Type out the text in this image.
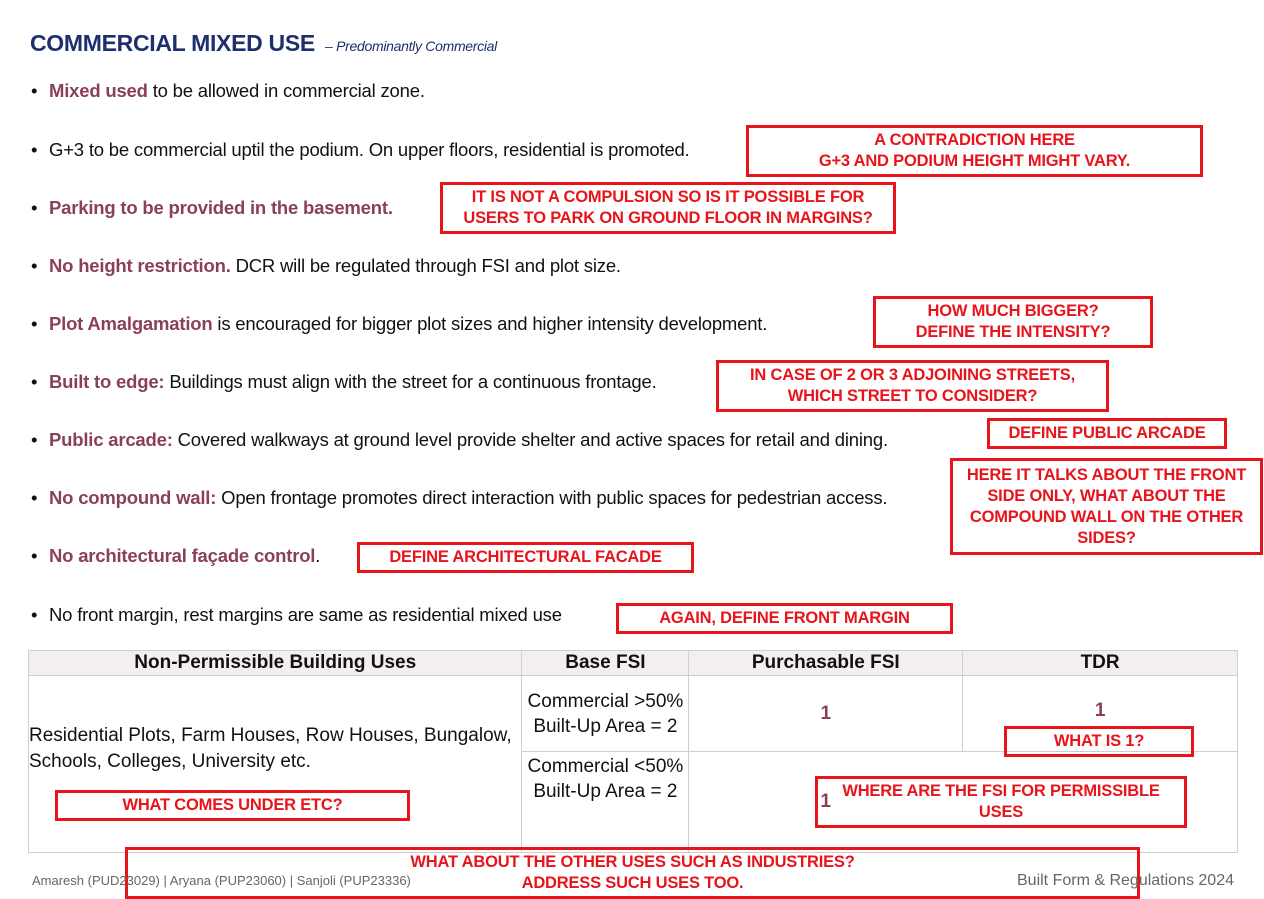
COMMERCIAL MIXED USE – Predominantly Commercial
• Mixed used to be allowed in commercial zone.
• G+3 to be commercial uptil the podium. On upper floors, residential is promoted.
• Parking to be provided in the basement.
• No height restriction. DCR will be regulated through FSI and plot size.
• Plot Amalgamation is encouraged for bigger plot sizes and higher intensity development.
• Built to edge: Buildings must align with the street for a continuous frontage.
• Public arcade: Covered walkways at ground level provide shelter and active spaces for retail and dining.
• No compound wall: Open frontage promotes direct interaction with public spaces for pedestrian access.
• No architectural façade control.
• No front margin, rest margins are same as residential mixed use
Non-Permissible Building Uses	Base FSI	Purchasable FSI	TDR
Residential Plots, Farm Houses, Row Houses, Bungalow, Schools, Colleges, University etc.	Commercial >50% Built-Up Area = 2	1	1
	Commercial <50% Built-Up Area = 2	1	
A CONTRADICTION HERE
G+3 AND PODIUM HEIGHT MIGHT VARY.
IT IS NOT A COMPULSION SO IS IT POSSIBLE FOR
USERS TO PARK ON GROUND FLOOR IN MARGINS?
HOW MUCH BIGGER?
DEFINE THE INTENSITY?
IN CASE OF 2 OR 3 ADJOINING STREETS,
WHICH STREET TO CONSIDER?
DEFINE PUBLIC ARCADE
HERE IT TALKS ABOUT THE FRONT
SIDE ONLY, WHAT ABOUT THE
COMPOUND WALL ON THE OTHER
SIDES?
DEFINE ARCHITECTURAL FACADE
AGAIN, DEFINE FRONT MARGIN
WHAT IS 1?
WHAT COMES UNDER ETC?
WHERE ARE THE FSI FOR PERMISSIBLE
USES
WHAT ABOUT THE OTHER USES SUCH AS INDUSTRIES?
ADDRESS SUCH USES TOO.
Amaresh (PUD23029) | Aryana (PUP23060) | Sanjoli (PUP23336)	Built Form & Regulations 2024
